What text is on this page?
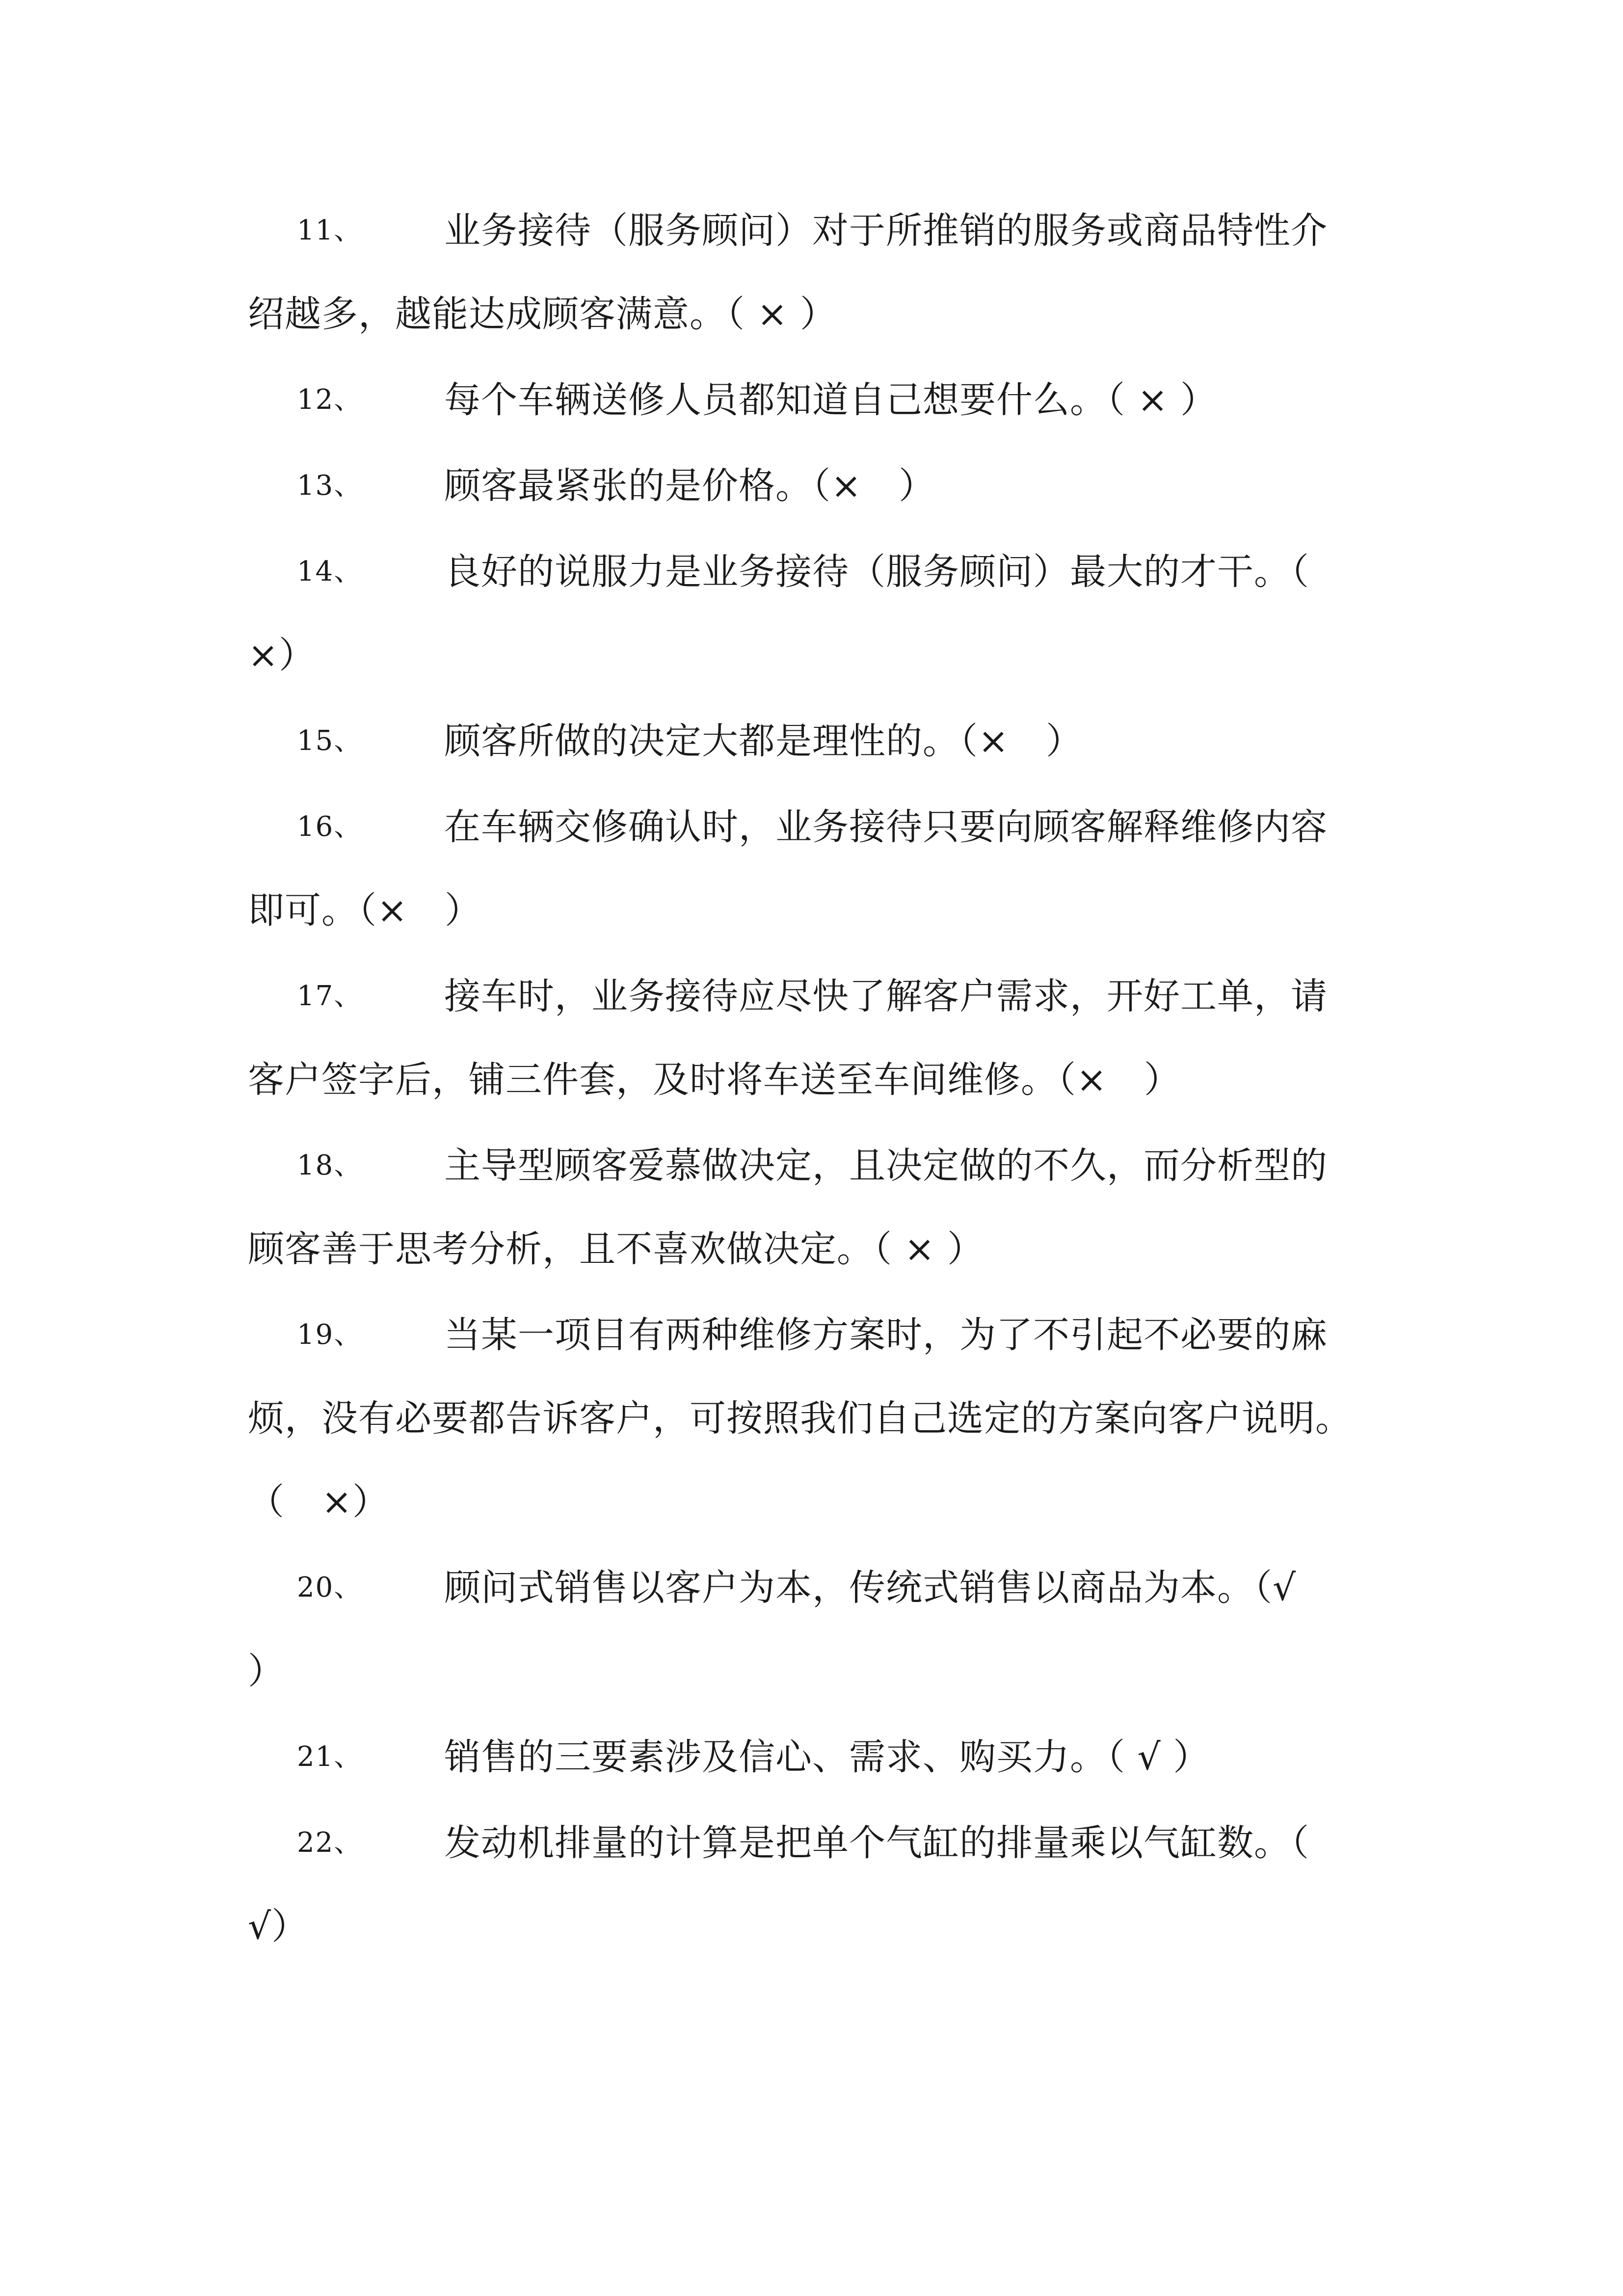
11、 业务接待（服务顾问）对于所推销的服务或商品特性介
绍越多，越能达成顾客满意。（ × ）
12、 每个车辆送修人员都知道自己想要什么。（ × ）
13、 顾客最紧张的是价格。（×　）
14、 良好的说服力是业务接待（服务顾问）最大的才干。（
×）
15、 顾客所做的决定大都是理性的。（×　）
16、 在车辆交修确认时，业务接待只要向顾客解释维修内容
即可。（×　）
17、 接车时，业务接待应尽快了解客户需求，开好工单，请
客户签字后，铺三件套，及时将车送至车间维修。（×　）
18、 主导型顾客爱慕做决定，且决定做的不久，而分析型的
顾客善于思考分析，且不喜欢做决定。（ × ）
19、 当某一项目有两种维修方案时，为了不引起不必要的麻
烦，没有必要都告诉客户，可按照我们自己选定的方案向客户说明。
（　×）
20、 顾问式销售以客户为本，传统式销售以商品为本。（√
）
21、 销售的三要素涉及信心、需求、购买力。（ √ ）
22、 发动机排量的计算是把单个气缸的排量乘以气缸数。（
√）
